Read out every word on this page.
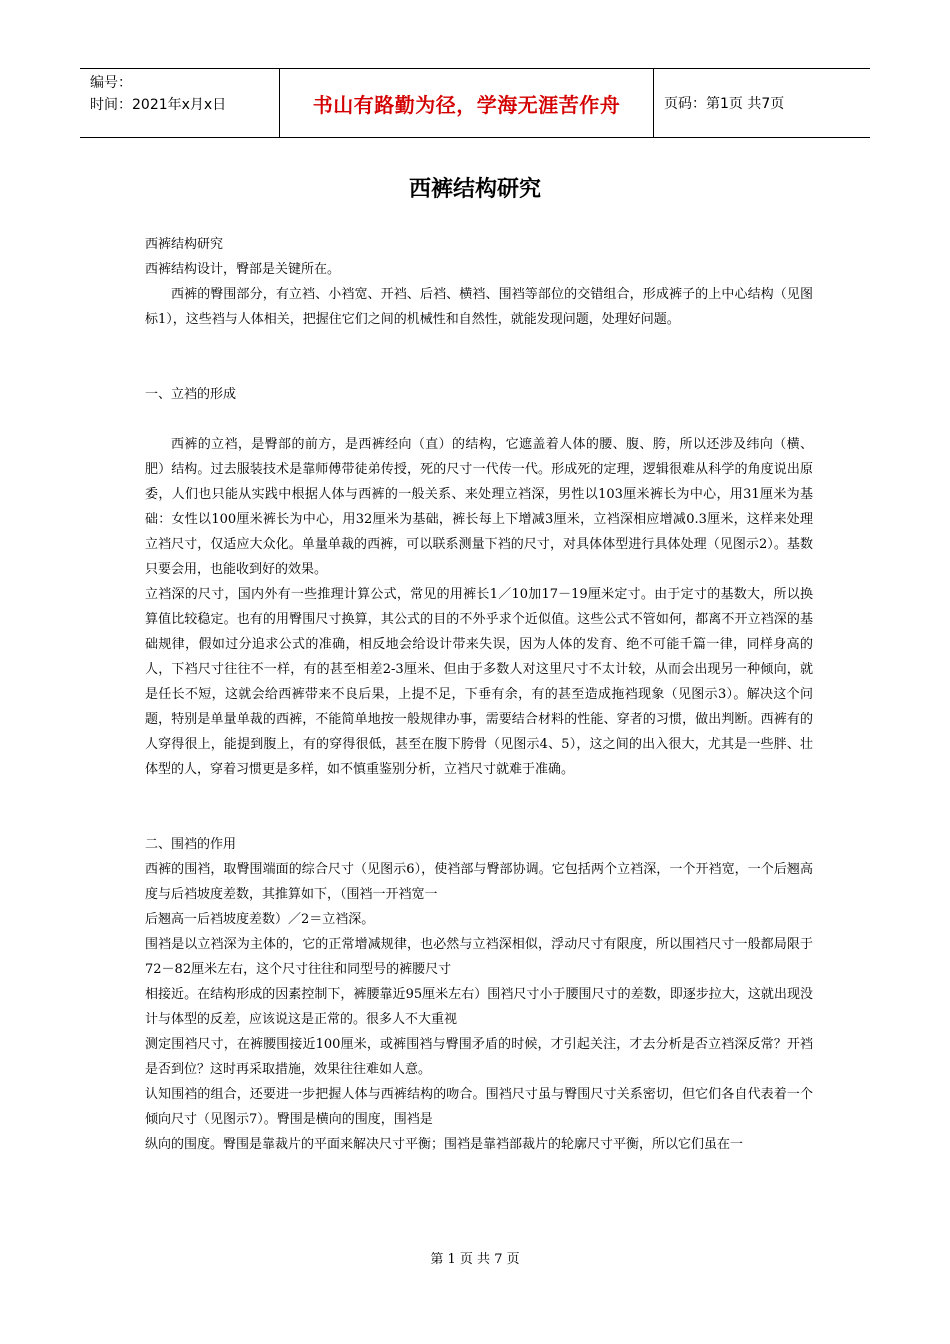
编号：
时间：2021年x月x日	书山有路勤为径，学海无涯苦作舟	页码：第1页 共7页
西裤结构研究

西裤结构研究

西裤结构设计，臀部是关键所在。

西裤的臀围部分，有立裆、小裆宽、开裆、后裆、横裆、围裆等部位的交错组合，形成裤子的上中心结构（见图标1），这些裆与人体相关，把握住它们之间的机械性和自然性，就能发现问题，处理好问题。

一、立裆的形成

西裤的立裆，是臀部的前方，是西裤经向（直）的结构，它遮盖着人体的腰、腹、胯，所以还涉及纬向（横、肥）结构。过去服装技术是靠师傅带徒弟传授，死的尺寸一代传一代。形成死的定理，逻辑很难从科学的角度说出原委，人们也只能从实践中根据人体与西裤的一般关系、来处理立裆深，男性以103厘米裤长为中心，用31厘米为基础：女性以100厘米裤长为中心，用32厘米为基础，裤长每上下增减3厘米，立裆深相应增减0.3厘米，这样来处理立裆尺寸，仅适应大众化。单量单裁的西裤，可以联系测量下裆的尺寸，对具体体型进行具体处理（见图示2）。基数只要会用，也能收到好的效果。

立裆深的尺寸，国内外有一些推理计算公式，常见的用裤长1／10加17－19厘米定寸。由于定寸的基数大，所以换算值比较稳定。也有的用臀围尺寸换算，其公式的目的不外乎求个近似值。这些公式不管如何，都离不开立裆深的基础规律，假如过分追求公式的准确，相反地会给设计带来失误，因为人体的发育、绝不可能千篇一律，同样身高的人，下裆尺寸往往不一样，有的甚至相差2-3厘米、但由于多数人对这里尺寸不太计较，从而会出现另一种倾向，就是任长不短，这就会给西裤带来不良后果，上提不足，下垂有余，有的甚至造成拖裆现象（见图示3）。解决这个问题，特别是单量单裁的西裤，不能简单地按一般规律办事，需要结合材料的性能、穿者的习惯，做出判断。西裤有的人穿得很上，能提到腹上，有的穿得很低，甚至在腹下胯骨（见图示4、5），这之间的出入很大，尤其是一些胖、壮体型的人，穿着习惯更是多样，如不慎重鉴别分析，立裆尺寸就难于准确。

二、围裆的作用

西裤的围裆，取臀围端面的综合尺寸（见图示6），使裆部与臀部协调。它包括两个立裆深，一个开裆宽，一个后翘高度与后裆坡度差数，其推算如下，（围裆一开裆宽一

后翘高一后裆坡度差数）／2＝立裆深。

围裆是以立裆深为主体的，它的正常增减规律，也必然与立裆深相似，浮动尺寸有限度，所以围裆尺寸一般都局限于72－82厘米左右，这个尺寸往往和同型号的裤腰尺寸

相接近。在结构形成的因素控制下，裤腰靠近95厘米左右）围裆尺寸小于腰围尺寸的差数，即逐步拉大，这就出现没计与体型的反差，应该说这是正常的。很多人不大重视

测定围裆尺寸，在裤腰围接近100厘米，或裤围裆与臀围矛盾的时候，才引起关注，才去分析是否立裆深反常？开裆是否到位？这时再采取措施，效果往往难如人意。

认知围裆的组合，还要进一步把握人体与西裤结构的吻合。围裆尺寸虽与臀围尺寸关系密切，但它们各自代表着一个倾向尺寸（见图示7）。臀围是横向的围度，围裆是

纵向的围度。臀围是靠裁片的平面来解决尺寸平衡；围裆是靠裆部裁片的轮廓尺寸平衡，所以它们虽在一

第 1 页 共 7 页
